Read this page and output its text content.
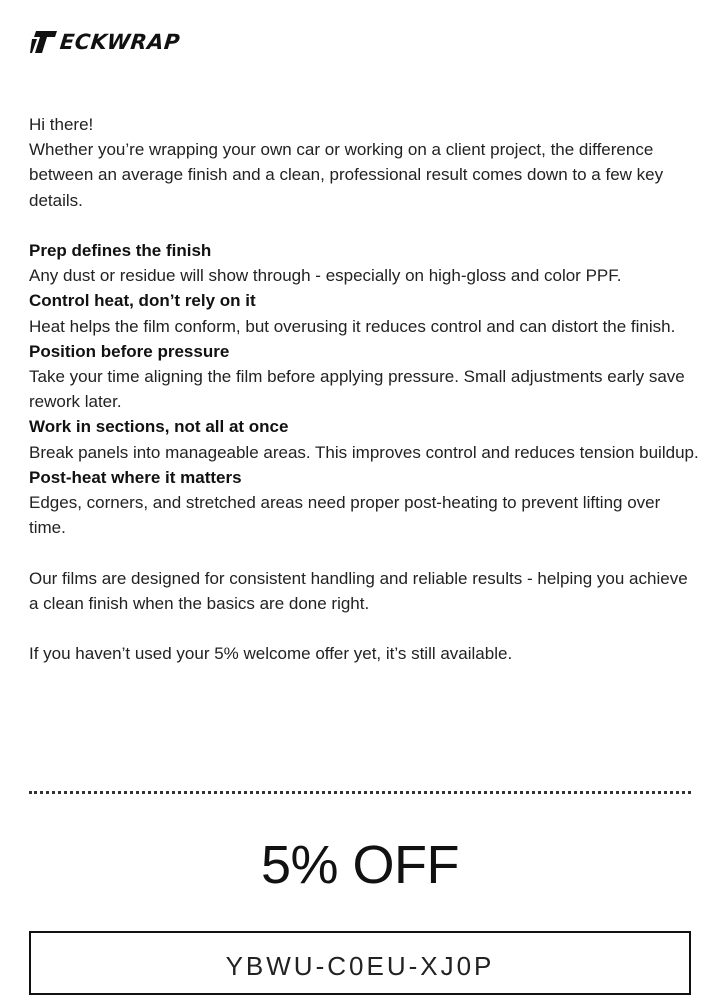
ECKWRAP

Hi there!

Whether you’re wrapping your own car or working on a client project, the difference between an average finish and a clean, professional result comes down to a few key details.

Prep defines the finish

Any dust or residue will show through - especially on high-gloss and color PPF.

Control heat, don’t rely on it

Heat helps the film conform, but overusing it reduces control and can distort the finish.

Position before pressure

Take your time aligning the film before applying pressure. Small adjustments early save rework later.

Work in sections, not all at once

Break panels into manageable areas. This improves control and reduces tension buildup.

Post-heat where it matters

Edges, corners, and stretched areas need proper post-heating to prevent lifting over time.

Our films are designed for consistent handling and reliable results - helping you achieve a clean finish when the basics are done right.

If you haven’t used your 5% welcome offer yet, it’s still available.

5% OFF
YBWU-C0EU-XJ0P
